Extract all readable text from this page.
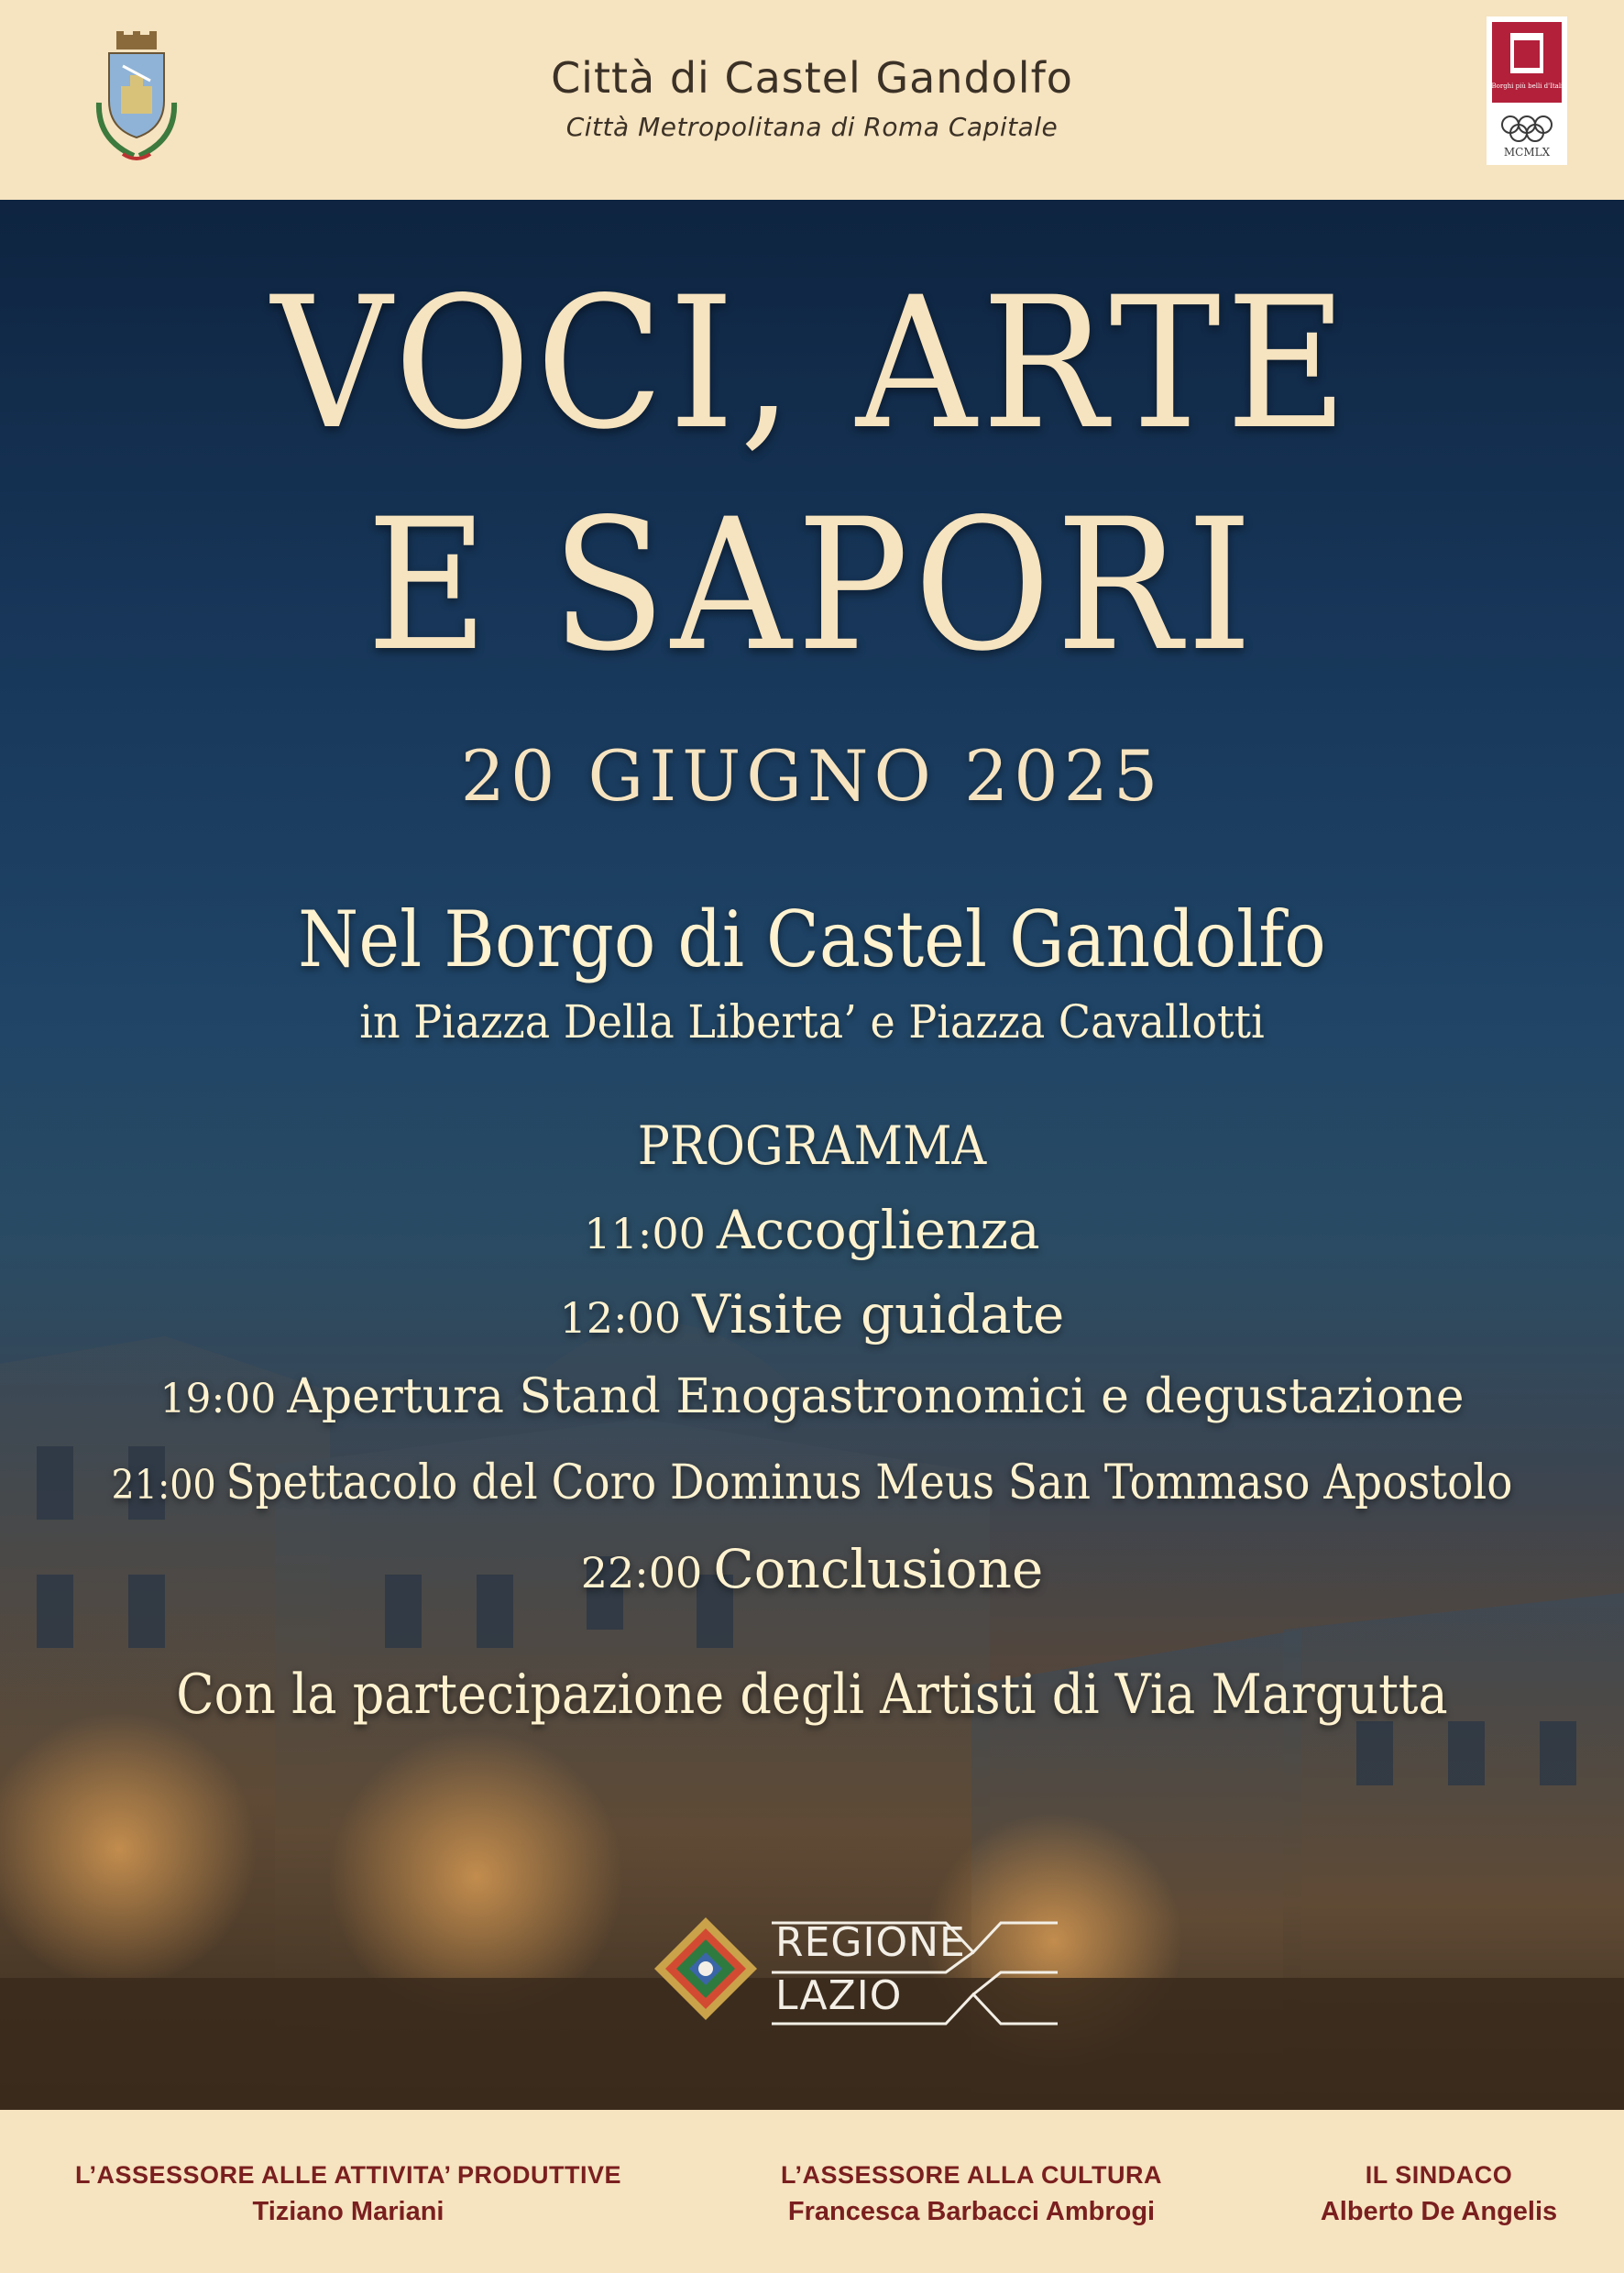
Città di Castel Gandolfo
Città Metropolitana di Roma Capitale
I Borghi più belli d'Italia
MCMLX
VOCI, ARTE
E SAPORI
20 GIUGNO 2025
Nel Borgo di Castel Gandolfo
in Piazza Della Liberta’ e Piazza Cavallotti
PROGRAMMA
11:00 Accoglienza
12:00 Visite guidate
19:00 Apertura Stand Enogastronomici e degustazione
21:00 Spettacolo del Coro Dominus Meus San Tommaso Apostolo
22:00 Conclusione
Con la partecipazione degli Artisti di Via Margutta
REGIONE
LAZIO
L’ASSESSORE ALLE ATTIVITA’ PRODUTTIVE
Tiziano Mariani
L’ASSESSORE ALLA CULTURA
Francesca Barbacci Ambrogi
IL SINDACO
Alberto De Angelis
